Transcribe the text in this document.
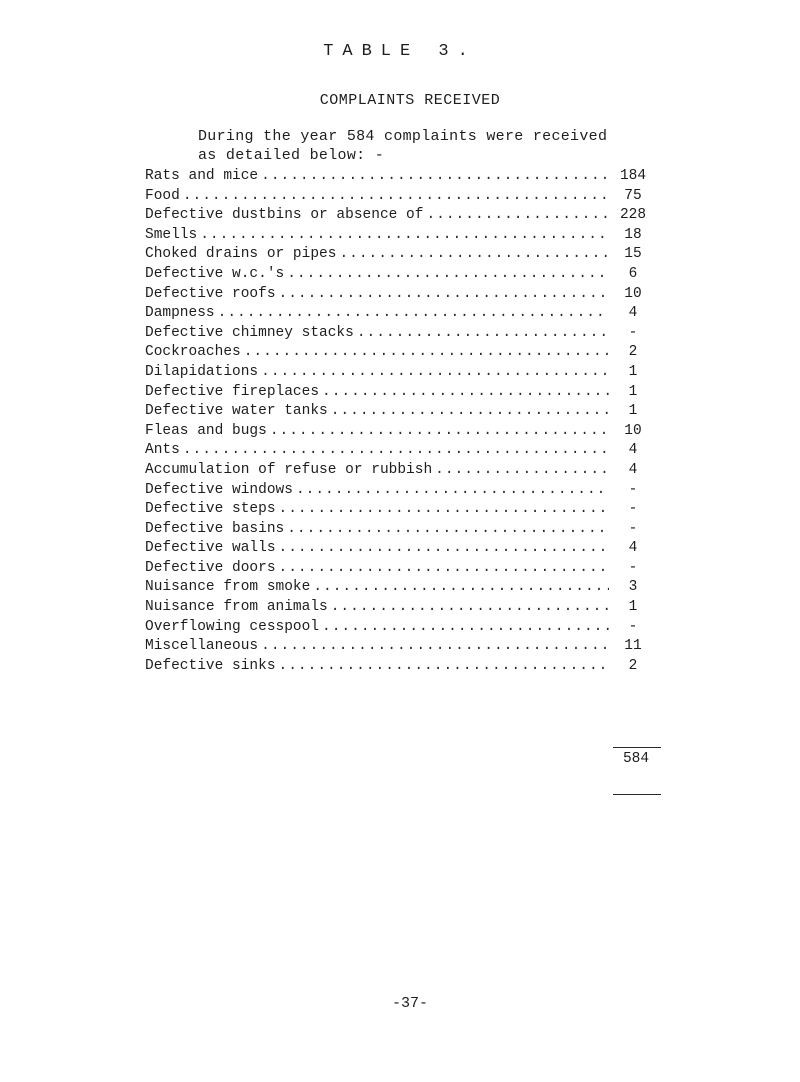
TABLE 3.
COMPLAINTS RECEIVED

During the year 584 complaints were received

as detailed below: -

Rats and mice .....	184
Food .....	75
Defective dustbins or absence of .....	228
Smells .....	18
Choked drains or pipes .....	15
Defective w.c.'s .....	6
Defective roofs .....	10
Dampness .....	4
Defective chimney stacks .....	-
Cockroaches .....	2
Dilapidations .....	1
Defective fireplaces .....	1
Defective water tanks .....	1
Fleas and bugs .....	10
Ants .....	4
Accumulation of refuse or rubbish .....	4
Defective windows .....	-
Defective steps .....	-
Defective basins .....	-
Defective walls .....	4
Defective doors .....	-
Nuisance from smoke .....	3
Nuisance from animals .....	1
Overflowing cesspool .....	-
Miscellaneous .....	11
Defective sinks .....	2
584
-37-
